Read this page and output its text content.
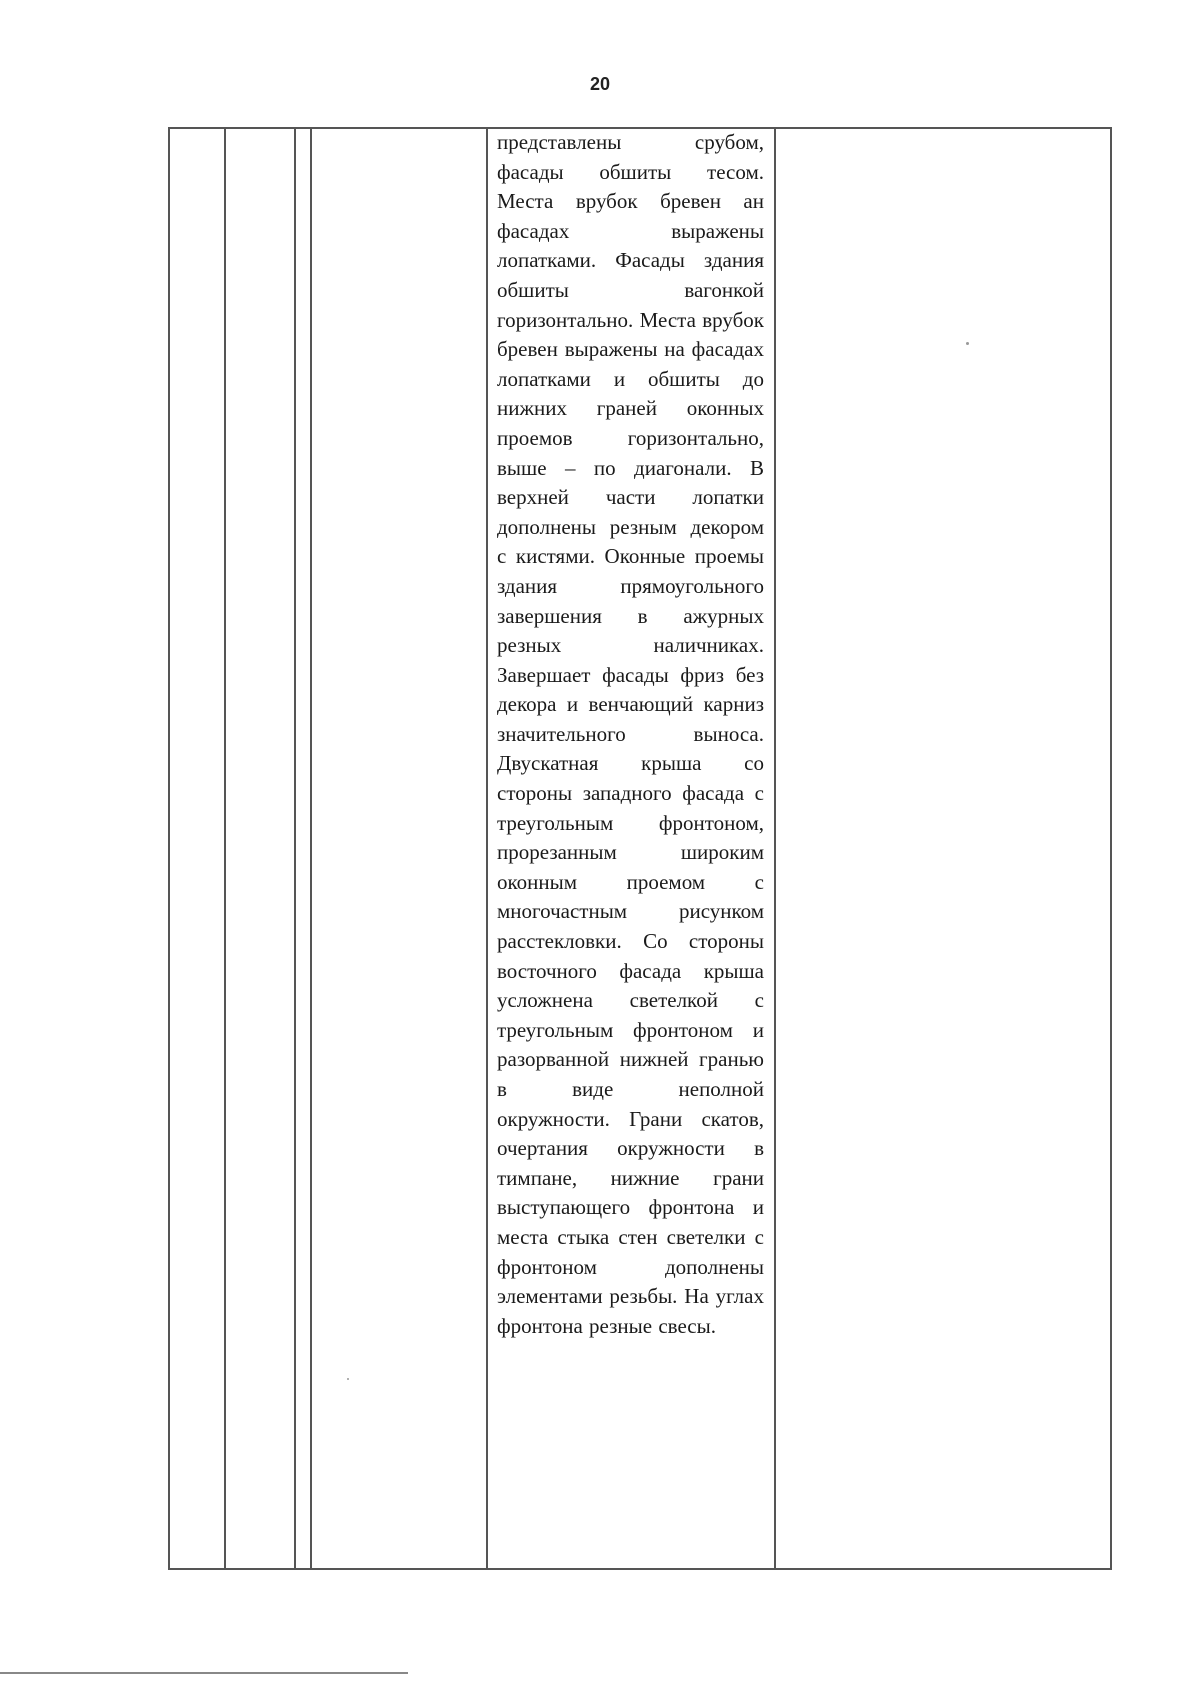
20
представлены срубом, фасады обшиты тесом. Места врубок бревен ан фасадах выражены лопатками. Фасады здания обшиты вагонкой горизонтально. Места врубок бревен выражены на фасадах лопатками и обшиты до нижних граней оконных проемов горизонтально, выше – по диагонали. В верхней части лопатки дополнены резным декором с кистями. Оконные проемы здания прямоугольного завершения в ажурных резных наличниках. Завершает фасады фриз без декора и венчающий карниз значительного выноса. Двускатная крыша со стороны западного фасада с треугольным фронтоном, прорезанным широким оконным проемом с многочастным рисунком расстекловки. Со стороны восточного фасада крыша усложнена светелкой с треугольным фронтоном и разорванной нижней гранью в виде неполной окружности. Грани скатов, очертания окружности в тимпане, нижние грани выступающего фронтона и места стыка стен светелки с фронтоном дополнены элементами резьбы. На углах фронтона резные свесы.
